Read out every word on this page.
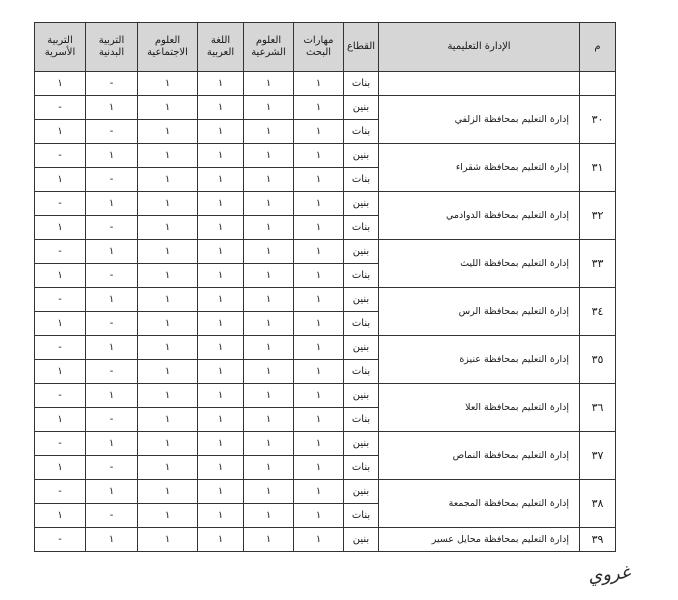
التربية الأسرية	التربية البدنية	العلوم الاجتماعية	اللغة العربية	العلوم الشرعية	مهارات البحث	القطاع	الإدارة التعليمية	م
١	-	١	١	١	١	بنات		
-	١	١	١	١	١	بنين	إدارة التعليم بمحافظة الزلفي	٣٠
١	-	١	١	١	١	بنات		
-	١	١	١	١	١	بنين	إدارة التعليم بمحافظة شقراء	٣١
١	-	١	١	١	١	بنات		
-	١	١	١	١	١	بنين	إدارة التعليم بمحافظة الدوادمي	٣٢
١	-	١	١	١	١	بنات		
-	١	١	١	١	١	بنين	إدارة التعليم بمحافظة الليث	٣٣
١	-	١	١	١	١	بنات		
-	١	١	١	١	١	بنين	إدارة التعليم بمحافظة الرس	٣٤
١	-	١	١	١	١	بنات		
-	١	١	١	١	١	بنين	إدارة التعليم بمحافظة عنيزة	٣٥
١	-	١	١	١	١	بنات		
-	١	١	١	١	١	بنين	إدارة التعليم بمحافظة العلا	٣٦
١	-	١	١	١	١	بنات		
-	١	١	١	١	١	بنين	إدارة التعليم بمحافظة النماص	٣٧
١	-	١	١	١	١	بنات		
-	١	١	١	١	١	بنين	إدارة التعليم بمحافظة المجمعة	٣٨
١	-	١	١	١	١	بنات		
-	١	١	١	١	١	بنين	إدارة التعليم بمحافظة محايل عسير	٣٩
غروي
